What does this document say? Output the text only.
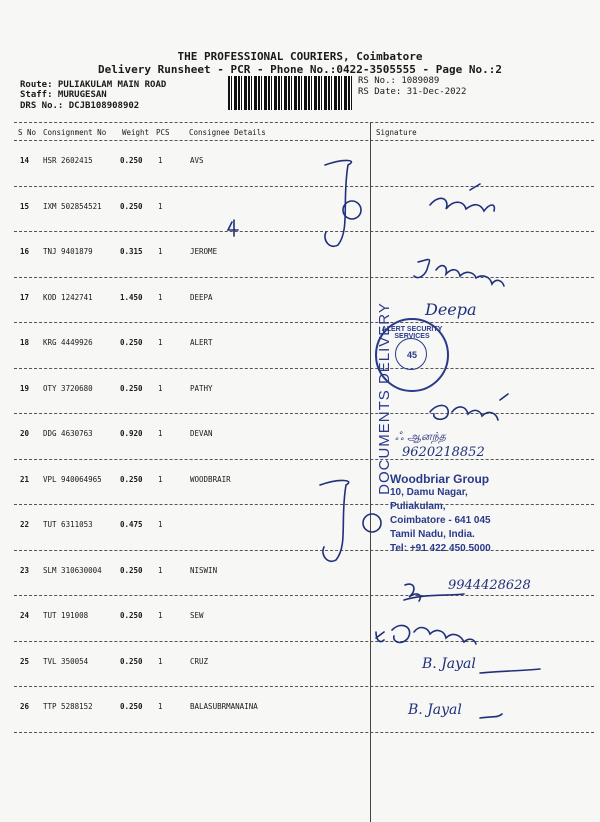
THE PROFESSIONAL COURIERS, Coimbatore
Delivery Runsheet - PCR - Phone No.:0422-3505555 - Page No.:2
Route: PULIAKULAM MAIN ROAD
Staff: MURUGESAN
DRS No.: DCJB108908902
RS No.: 1089089
RS Date: 31-Dec-2022
S No Consignment No Weight PCS	Consignee Details	Signature
14 HSR 2602415	0.250 1	AVS
15 IXM 502854521 0.250 1
16 TNJ 9401879	0.315 1	JEROME
17 KOD 1242741	1.450 1	DEEPA
18 KRG 4449926	0.250 1	ALERT
19 OTY 3720680	0.250 1	PATHY
20 DDG 4630763	0.920 1	DEVAN
21 VPL 940064965 0.250 1	WOODBRAIR
22 TUT 6311053	0.475 1
23 SLM 310630004 0.250 1	NISWIN
24 TUT 191008	0.250 1	SEW
25 TVL 350054	0.250 1	CRUZ
26 TTP 5288152	0.250 1	BALASUBRMANAINA
DOCUMENTS DELIVERY
ALERT SECURITY SERVICES
45
Woodbriar Group
10, Damu Nagar,
Puliakulam,
Coimbatore - 641 045
Tamil Nadu, India.
Tel: +91 422 450 5000
Deepa
ஃ ஆனந்த
9620218852
9944428628
B. Jayal
B. Jayal
